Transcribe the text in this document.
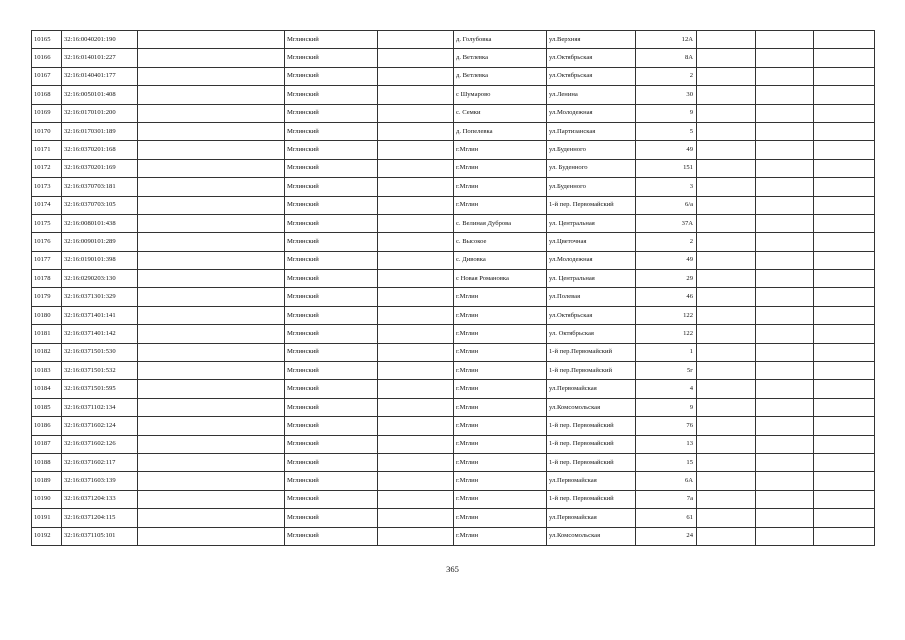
10165	32:16:0040201:190		Мглинский		д. Голубовка	ул.Верхняя	12А			
10166	32:16:0140101:227		Мглинский		д. Ветлевка	ул.Октябрьская	8А			
10167	32:16:0140401:177		Мглинский		д. Ветлевка	ул.Октябрьская	2			
10168	32:16:0050101:408		Мглинский		с Шумарово	ул.Ленина	30			
10169	32:16:0170101:200		Мглинский		с. Семки	ул.Молодежная	9			
10170	32:16:0170301:189		Мглинский		д. Попелевка	ул.Партизанская	5			
10171	32:16:0370201:168		Мглинский		г.Мглин	ул.Буденного	49			
10172	32:16:0370201:169		Мглинский		г.Мглин	ул. Буденного	151			
10173	32:16:0370703:181		Мглинский		г.Мглин	ул.Буденного	3			
10174	32:16:0370703:105		Мглинский		г.Мглин	1-й пер. Первомайский	6/а			
10175	32:16:0080101:438		Мглинский		с. Велиная Дуброва	ул. Центральная	37А			
10176	32:16:0090101:289		Мглинский		с. Высокое	ул.Цветочная	2			
10177	32:16:0190101:398		Мглинский		с. Дивовка	ул.Молодежная	49			
10178	32:16:0290203:130		Мглинский		с Новая Романовка	ул. Центральная	29			
10179	32:16:0371301:329		Мглинский		г.Мглин	ул.Полевая	46			
10180	32:16:0371401:141		Мглинский		г.Мглин	ул.Октябрьская	122			
10181	32:16:0371401:142		Мглинский		г.Мглин	ул. Октябрьская	122			
10182	32:16:0371501:530		Мглинский		г.Мглин	1-й пер.Первомайский	1			
10183	32:16:0371501:532		Мглинский		г.Мглин	1-й пер.Первомайский	5г			
10184	32:16:0371501:595		Мглинский		г.Мглин	ул.Первомайская	4			
10185	32:16:0371102:134		Мглинский		г.Мглин	ул.Комсомольская	9			
10186	32:16:0371602:124		Мглинский		г.Мглин	1-й пер. Первомайский	76			
10187	32:16:0371602:126		Мглинский		г.Мглин	1-й пер. Первомайский	13			
10188	32:16:0371602:117		Мглинский		г.Мглин	1-й пер. Первомайский	15			
10189	32:16:0371603:139		Мглинский		г.Мглин	ул.Первомайская	6А			
10190	32:16:0371204:133		Мглинский		г.Мглин	1-й пер. Первомайский	7а			
10191	32:16:0371204:115		Мглинский		г.Мглин	ул.Первомайская	61			
10192	32:16:0371105:101		Мглинский		г.Мглин	ул.Комсомольская	24			
365
